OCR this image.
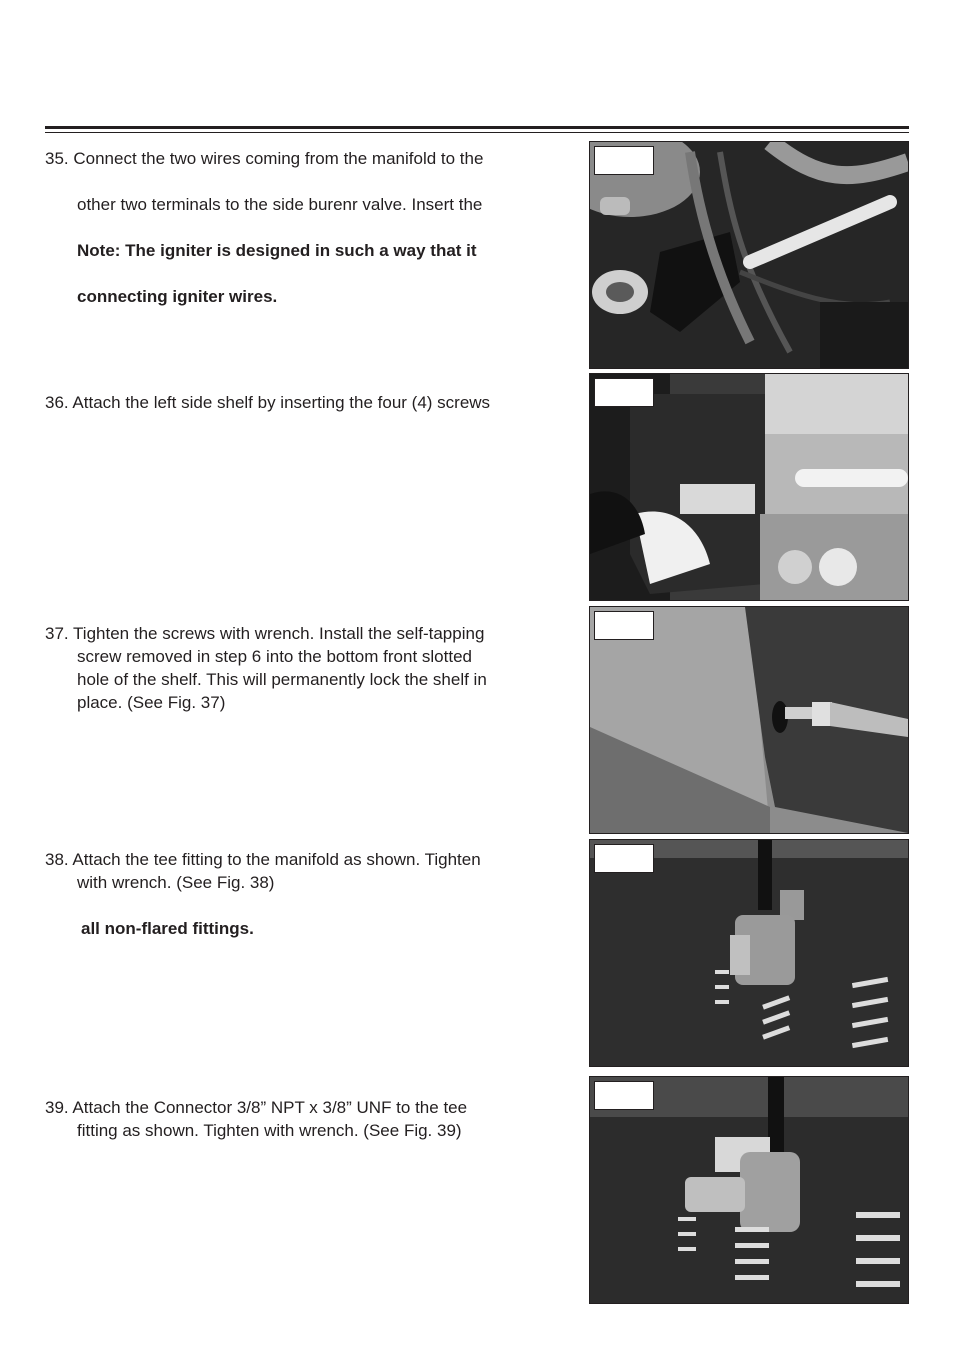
35. Connect the two wires coming from the manifold to the
other two terminals to the side burenr valve. Insert the
Note: The igniter is designed in such a way that it
connecting igniter wires.
36. Attach the left side shelf by inserting the four (4) screws
37. Tighten the screws with wrench. Install the self-tapping
screw removed in step 6 into the bottom front slotted
hole of the shelf. This will permanently lock the shelf in
place. (See Fig. 37)
38. Attach the tee fitting to the manifold as shown. Tighten
with wrench. (See Fig. 38)
all non-flared fittings.
39. Attach the Connector 3/8” NPT x 3/8” UNF to the tee
fitting as shown. Tighten with wrench. (See Fig. 39)
